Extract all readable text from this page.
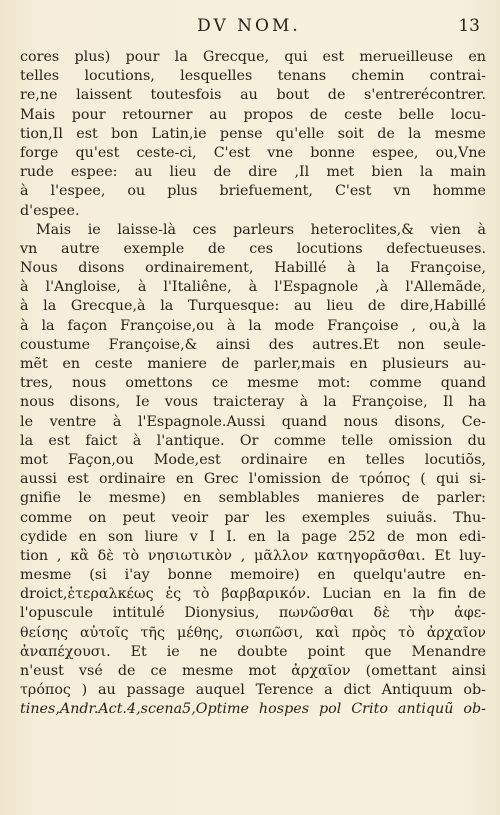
DV NOM.	13
cores plus) pour la Grecque, qui est merueilleuse en
telles locutions, lesquelles tenans chemin contrai-
re,ne laissent toutesfois au bout de s'entrerécontrer.
Mais pour retourner au propos de ceste belle locu-
tion,Il est bon Latin,ie pense qu'elle soit de la mesme
forge qu'est ceste-ci, C'est vne bonne espee, ou,Vne
rude espee: au lieu de dire ,Il met bien la main
à l'espee, ou plus briefuement, C'est vn homme
d'espee.
Mais ie laisse-là ces parleurs heteroclites,& vien à
vn autre exemple de ces locutions defectueuses.
Nous disons ordinairement, Habillé à la Françoise,
à l'Angloise, à l'Italiêne, à l'Espagnole ,à l'Allemãde,
à la Grecque,à la Turquesque: au lieu de dire,Habillé
à la façon Françoise,ou à la mode Françoise , ou,à la
coustume Françoise,& ainsi des autres.Et non seule-
mẽt en ceste maniere de parler,mais en plusieurs au-
tres, nous omettons ce mesme mot: comme quand
nous disons, Ie vous traicteray à la Françoise, Il ha
le ventre à l'Espagnole.Aussi quand nous disons, Ce-
la est faict à l'antique. Or comme telle omission du
mot Façon,ou Mode,est ordinaire en telles locutiõs,
aussi est ordinaire en Grec l'omission de τρόπος ( qui si-
gnifie le mesme) en semblables manieres de parler:
comme on peut veoir par les exemples suiuãs. Thu-
cydide en son liure v I I. en la page 252 de mon edi-
tion , κἂ δὲ τὸ νησιωτικὸν , μᾶλλον κατηγορᾶσθαι. Et luy-
mesme (si i'ay bonne memoire) en quelqu'autre en-
droict,ἑτεραλκέως ἐς τὸ βαρβαρικόν. Lucian en la fin de
l'opuscule intitulé Dionysius, πωνῶσθαι δὲ τὴν ἀφε-
θείσης αὐτοῖς τῆς μέθης, σιωπῶσι, καὶ πρὸς τὸ ἀρχαῖον
ἀναπέχουσι. Et ie ne doubte point que Menandre
n'eust vsé de ce mesme mot ἀρχαῖον (omettant ainsi
τρόπος ) au passage auquel Terence a dict Antiquum ob-
tines,Andr.Act.4,scena5,Optime hospes pol Crito antiquũ ob-
